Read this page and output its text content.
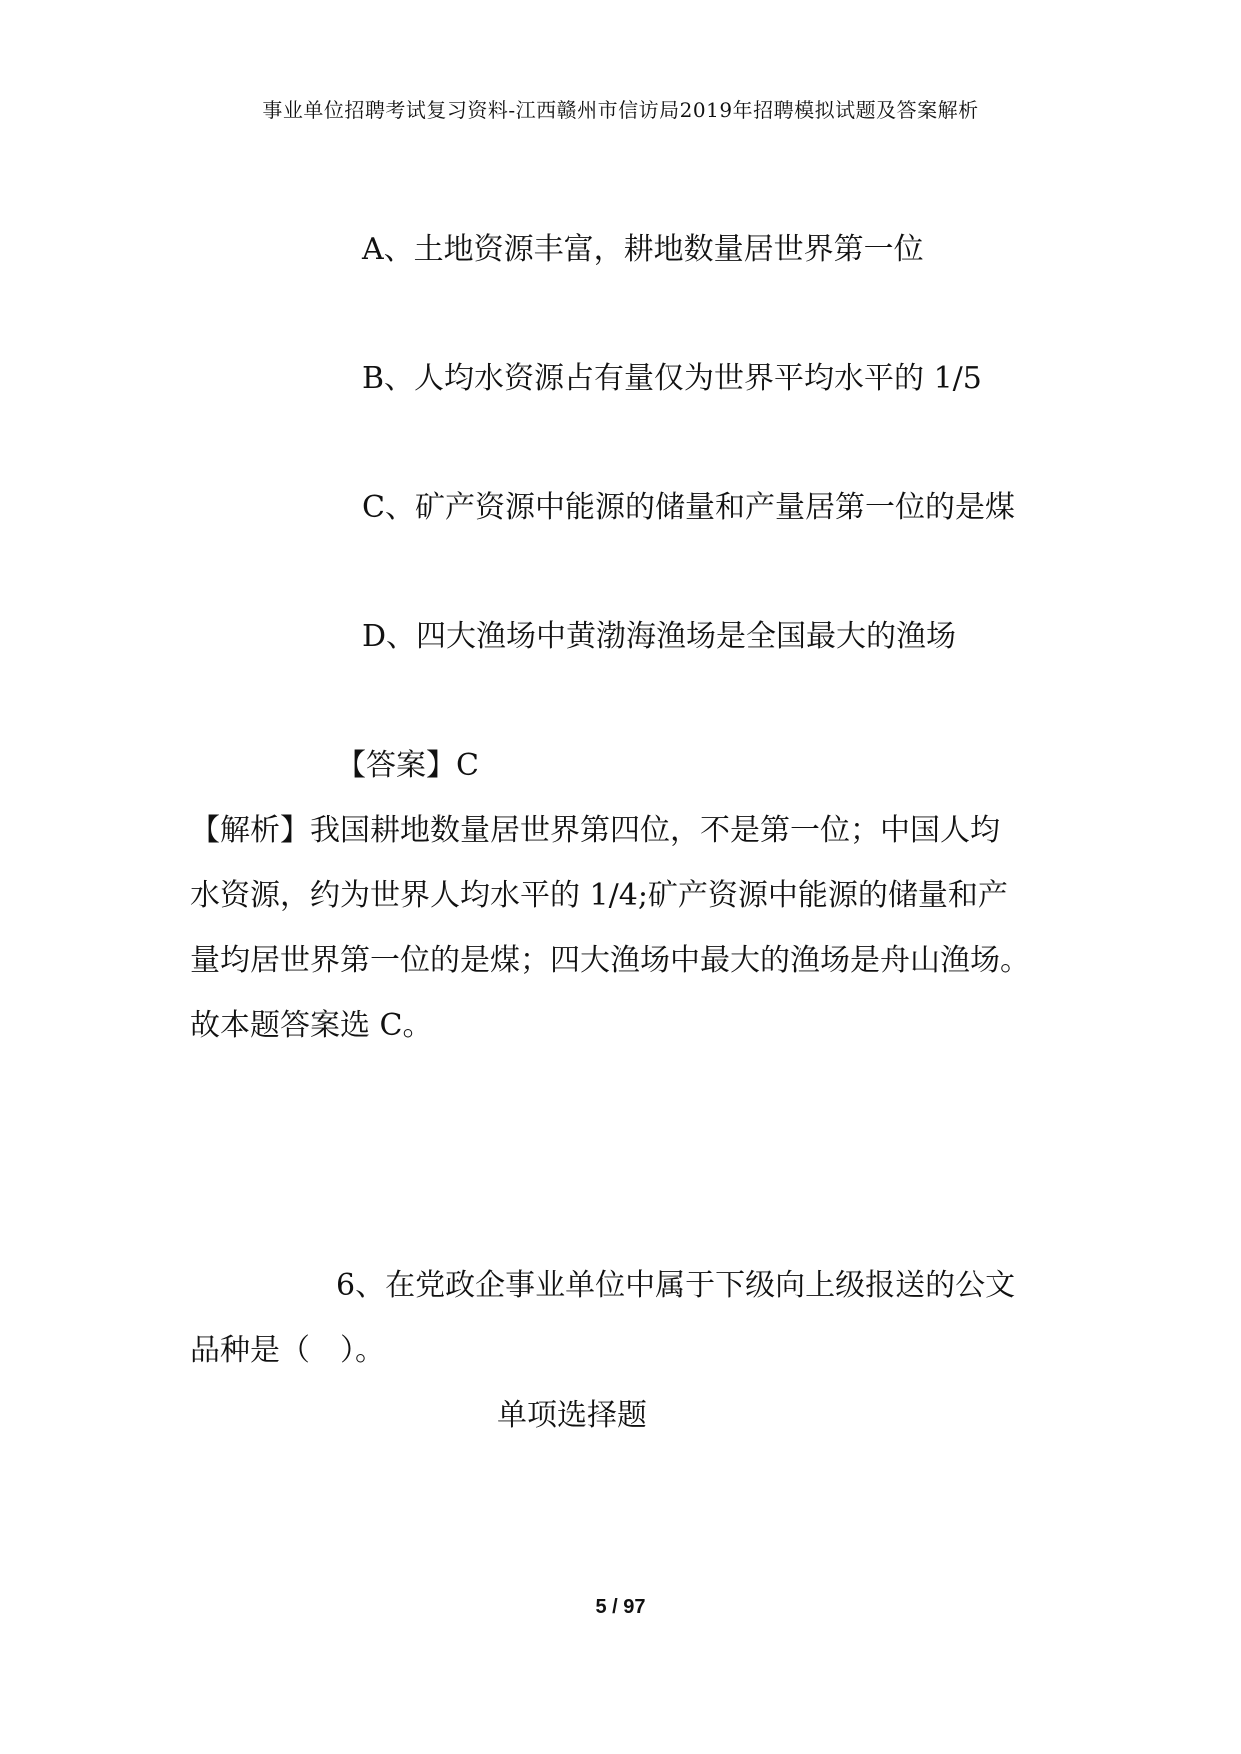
事业单位招聘考试复习资料-江西赣州市信访局2019年招聘模拟试题及答案解析
A、土地资源丰富，耕地数量居世界第一位
B、人均水资源占有量仅为世界平均水平的 1/5
C、矿产资源中能源的储量和产量居第一位的是煤
D、四大渔场中黄渤海渔场是全国最大的渔场
【答案】C
【解析】我国耕地数量居世界第四位，不是第一位；中国人均
水资源，约为世界人均水平的 1/4;矿产资源中能源的储量和产
量均居世界第一位的是煤；四大渔场中最大的渔场是舟山渔场。
故本题答案选 C。
6、在党政企事业单位中属于下级向上级报送的公文
品种是（　）。
单项选择题
5 / 97
